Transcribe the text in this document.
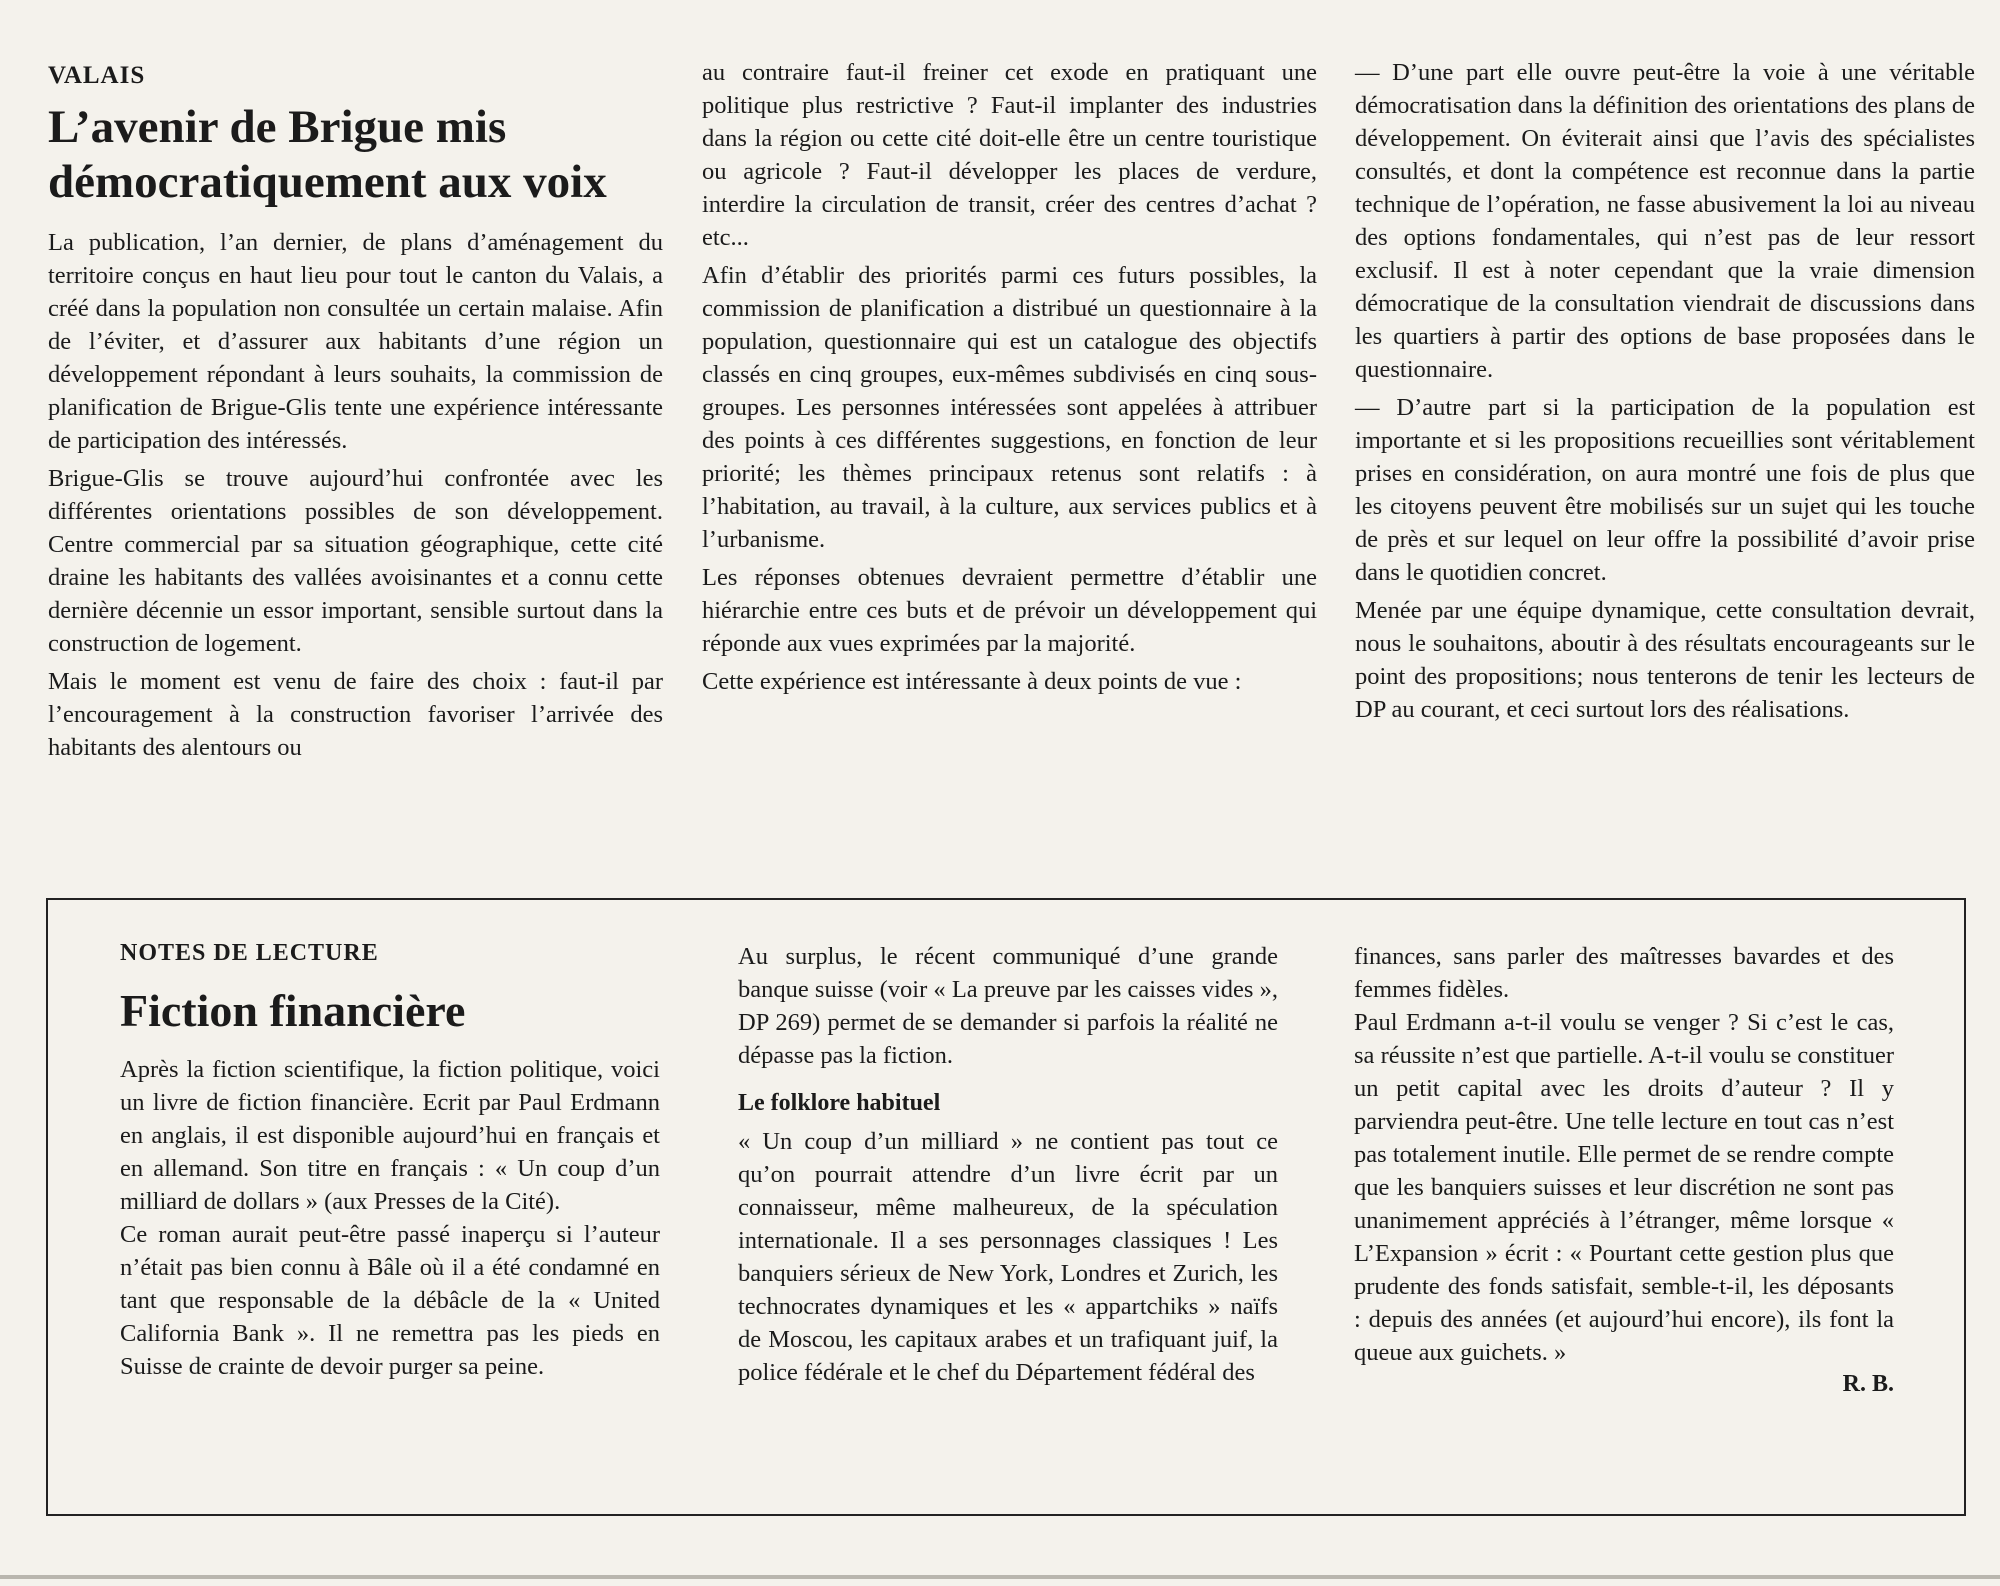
VALAIS
L’avenir de Brigue mis démocratiquement aux voix

La publication, l’an dernier, de plans d’aménagement du territoire conçus en haut lieu pour tout le canton du Valais, a créé dans la population non consultée un certain malaise. Afin de l’éviter, et d’assurer aux habitants d’une région un développement répondant à leurs souhaits, la commission de planification de Brigue-Glis tente une expérience intéressante de participation des intéressés.

Brigue-Glis se trouve aujourd’hui confrontée avec les différentes orientations possibles de son développement. Centre commercial par sa situation géographique, cette cité draine les habitants des vallées avoisinantes et a connu cette dernière décennie un essor important, sensible surtout dans la construction de logement.

Mais le moment est venu de faire des choix : faut-il par l’encouragement à la construction favoriser l’arrivée des habitants des alentours ou

au contraire faut-il freiner cet exode en pratiquant une politique plus restrictive ? Faut-il implanter des industries dans la région ou cette cité doit-elle être un centre touristique ou agricole ? Faut-il développer les places de verdure, interdire la circulation de transit, créer des centres d’achat ? etc...

Afin d’établir des priorités parmi ces futurs possibles, la commission de planification a distribué un questionnaire à la population, questionnaire qui est un catalogue des objectifs classés en cinq groupes, eux-mêmes subdivisés en cinq sous-groupes. Les personnes intéressées sont appelées à attribuer des points à ces différentes suggestions, en fonction de leur priorité; les thèmes principaux retenus sont relatifs : à l’habitation, au travail, à la culture, aux services publics et à l’urbanisme.

Les réponses obtenues devraient permettre d’établir une hiérarchie entre ces buts et de prévoir un développement qui réponde aux vues exprimées par la majorité.

Cette expérience est intéressante à deux points de vue :

— D’une part elle ouvre peut-être la voie à une véritable démocratisation dans la définition des orientations des plans de développement. On éviterait ainsi que l’avis des spécialistes consultés, et dont la compétence est reconnue dans la partie technique de l’opération, ne fasse abusivement la loi au niveau des options fondamentales, qui n’est pas de leur ressort exclusif. Il est à noter cependant que la vraie dimension démocratique de la consultation viendrait de discussions dans les quartiers à partir des options de base proposées dans le questionnaire.

— D’autre part si la participation de la population est importante et si les propositions recueillies sont véritablement prises en considération, on aura montré une fois de plus que les citoyens peuvent être mobilisés sur un sujet qui les touche de près et sur lequel on leur offre la possibilité d’avoir prise dans le quotidien concret.

Menée par une équipe dynamique, cette consultation devrait, nous le souhaitons, aboutir à des résultats encourageants sur le point des propositions; nous tenterons de tenir les lecteurs de DP au courant, et ceci surtout lors des réalisations.

NOTES DE LECTURE
Fiction financière

Après la fiction scientifique, la fiction politique, voici un livre de fiction financière. Ecrit par Paul Erdmann en anglais, il est disponible aujourd’hui en français et en allemand. Son titre en français : « Un coup d’un milliard de dollars » (aux Presses de la Cité).

Ce roman aurait peut-être passé inaperçu si l’auteur n’était pas bien connu à Bâle où il a été condamné en tant que responsable de la débâcle de la « United California Bank ». Il ne remettra pas les pieds en Suisse de crainte de devoir purger sa peine.

Au surplus, le récent communiqué d’une grande banque suisse (voir « La preuve par les caisses vides », DP 269) permet de se demander si parfois la réalité ne dépasse pas la fiction.

Le folklore habituel

« Un coup d’un milliard » ne contient pas tout ce qu’on pourrait attendre d’un livre écrit par un connaisseur, même malheureux, de la spéculation internationale. Il a ses personnages classiques ! Les banquiers sérieux de New York, Londres et Zurich, les technocrates dynamiques et les « appartchiks » naïfs de Moscou, les capitaux arabes et un trafiquant juif, la police fédérale et le chef du Département fédéral des

finances, sans parler des maîtresses bavardes et des femmes fidèles.

Paul Erdmann a-t-il voulu se venger ? Si c’est le cas, sa réussite n’est que partielle. A-t-il voulu se constituer un petit capital avec les droits d’auteur ? Il y parviendra peut-être. Une telle lecture en tout cas n’est pas totalement inutile. Elle permet de se rendre compte que les banquiers suisses et leur discrétion ne sont pas unanimement appréciés à l’étranger, même lorsque « L’Expansion » écrit : « Pourtant cette gestion plus que prudente des fonds satisfait, semble-t-il, les déposants : depuis des années (et aujourd’hui encore), ils font la queue aux guichets. »

R. B.
